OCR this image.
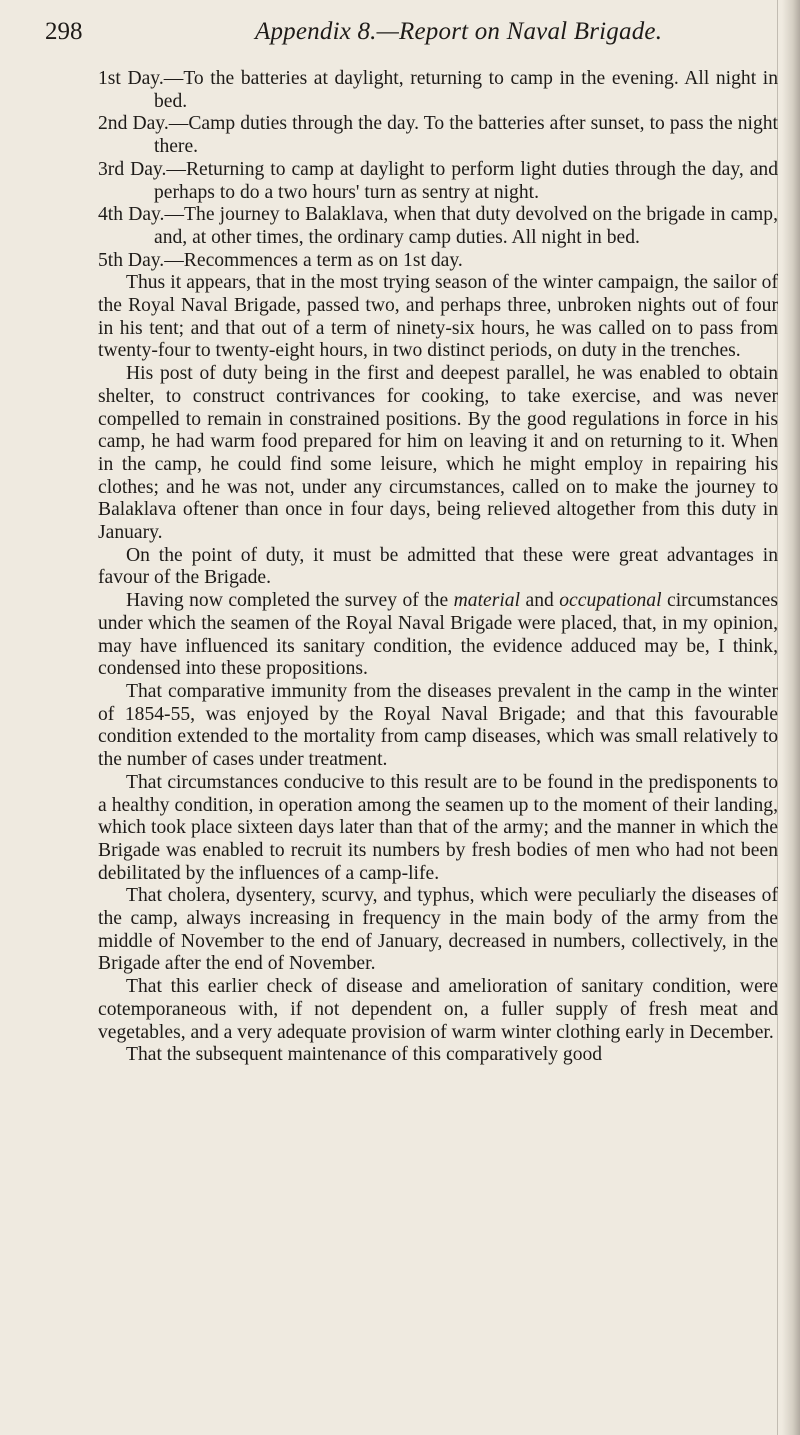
298	Appendix 8.—Report on Naval Brigade.

1st Day.—To the batteries at daylight, returning to camp in the evening. All night in bed.

2nd Day.—Camp duties through the day. To the batteries after sunset, to pass the night there.

3rd Day.—Returning to camp at daylight to perform light duties through the day, and perhaps to do a two hours' turn as sentry at night.

4th Day.—The journey to Balaklava, when that duty devolved on the brigade in camp, and, at other times, the ordinary camp duties. All night in bed.

5th Day.—Recommences a term as on 1st day.

Thus it appears, that in the most trying season of the winter campaign, the sailor of the Royal Naval Brigade, passed two, and perhaps three, unbroken nights out of four in his tent; and that out of a term of ninety-six hours, he was called on to pass from twenty-four to twenty-eight hours, in two distinct periods, on duty in the trenches.

His post of duty being in the first and deepest parallel, he was enabled to obtain shelter, to construct contrivances for cooking, to take exercise, and was never compelled to remain in constrained positions. By the good regulations in force in his camp, he had warm food prepared for him on leaving it and on returning to it. When in the camp, he could find some leisure, which he might employ in repairing his clothes; and he was not, under any circumstances, called on to make the journey to Balaklava oftener than once in four days, being relieved altogether from this duty in January.

On the point of duty, it must be admitted that these were great advantages in favour of the Brigade.

Having now completed the survey of the material and occupational circumstances under which the seamen of the Royal Naval Brigade were placed, that, in my opinion, may have influenced its sanitary condition, the evidence adduced may be, I think, condensed into these propositions.

That comparative immunity from the diseases prevalent in the camp in the winter of 1854-55, was enjoyed by the Royal Naval Brigade; and that this favourable condition extended to the mortality from camp diseases, which was small relatively to the number of cases under treatment.

That circumstances conducive to this result are to be found in the predisponents to a healthy condition, in operation among the seamen up to the moment of their landing, which took place sixteen days later than that of the army; and the manner in which the Brigade was enabled to recruit its numbers by fresh bodies of men who had not been debilitated by the influences of a camp-life.

That cholera, dysentery, scurvy, and typhus, which were peculiarly the diseases of the camp, always increasing in frequency in the main body of the army from the middle of November to the end of January, decreased in numbers, collectively, in the Brigade after the end of November.

That this earlier check of disease and amelioration of sanitary condition, were cotemporaneous with, if not dependent on, a fuller supply of fresh meat and vegetables, and a very adequate provision of warm winter clothing early in December.

That the subsequent maintenance of this comparatively good
